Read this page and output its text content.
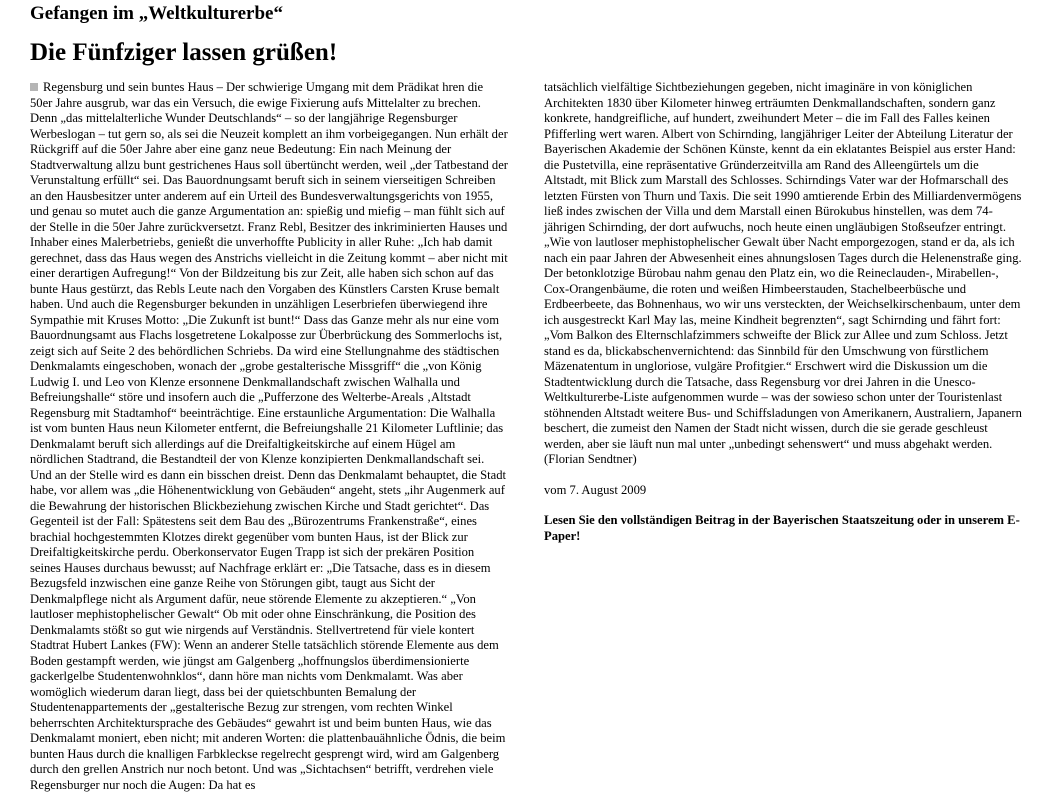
Gefangen im „Weltkulturerbe“
Die Fünfziger lassen grüßen!

Regensburg und sein buntes Haus – Der schwierige Umgang mit dem Prädikat hren die 50er Jahre ausgrub, war das ein Versuch, die ewige Fixierung aufs Mittelalter zu brechen. Denn „das mittelalterliche Wunder Deutschlands“ – so der langjährige Regensburger Werbeslogan – tut gern so, als sei die Neuzeit komplett an ihm vorbeigegangen. Nun erhält der Rückgriff auf die 50er Jahre aber eine ganz neue Bedeutung: Ein nach Meinung der Stadtverwaltung allzu bunt gestrichenes Haus soll übertüncht werden, weil „der Tatbestand der Verunstaltung erfüllt“ sei. Das Bauordnungsamt beruft sich in seinem vierseitigen Schreiben an den Hausbesitzer unter anderem auf ein Urteil des Bundesverwaltungsgerichts von 1955, und genau so mutet auch die ganze Argumentation an: spießig und miefig – man fühlt sich auf der Stelle in die 50er Jahre zurückversetzt. Franz Rebl, Besitzer des inkriminierten Hauses und Inhaber eines Malerbetriebs, genießt die unverhoffte Publicity in aller Ruhe: „Ich hab damit gerechnet, dass das Haus wegen des Anstrichs vielleicht in die Zeitung kommt – aber nicht mit einer derartigen Aufregung!“ Von der Bildzeitung bis zur Zeit, alle haben sich schon auf das bunte Haus gestürzt, das Rebls Leute nach den Vorgaben des Künstlers Carsten Kruse bemalt haben. Und auch die Regensburger bekunden in unzähligen Leserbriefen überwiegend ihre Sympathie mit Kruses Motto: „Die Zukunft ist bunt!“ Dass das Ganze mehr als nur eine vom Bauordnungsamt aus Flachs losgetretene Lokalposse zur Überbrückung des Sommerlochs ist, zeigt sich auf Seite 2 des behördlichen Schriebs. Da wird eine Stellungnahme des städtischen Denkmalamts eingeschoben, wonach der „grobe gestalterische Missgriff“ die „von König Ludwig I. und Leo von Klenze ersonnene Denkmallandschaft zwischen Walhalla und Befreiungshalle“ störe und insofern auch die „Pufferzone des Welterbe-Areals ‚Altstadt Regensburg mit Stadtamhof“ beeinträchtige. Eine erstaunliche Argumentation: Die Walhalla ist vom bunten Haus neun Kilometer entfernt, die Befreiungshalle 21 Kilometer Luftlinie; das Denkmalamt beruft sich allerdings auf die Dreifaltigkeitskirche auf einem Hügel am nördlichen Stadtrand, die Bestandteil der von Klenze konzipierten Denkmallandschaft sei. Und an der Stelle wird es dann ein bisschen dreist. Denn das Denkmalamt behauptet, die Stadt habe, vor allem was „die Höhenentwicklung von Gebäuden“ angeht, stets „ihr Augenmerk auf die Bewahrung der historischen Blickbeziehung zwischen Kirche und Stadt gerichtet“. Das Gegenteil ist der Fall: Spätestens seit dem Bau des „Bürozentrums Frankenstraße“, eines brachial hochgestemmten Klotzes direkt gegenüber vom bunten Haus, ist der Blick zur Dreifaltigkeitskirche perdu. Oberkonservator Eugen Trapp ist sich der prekären Position seines Hauses durchaus bewusst; auf Nachfrage erklärt er: „Die Tatsache, dass es in diesem Bezugsfeld inzwischen eine ganze Reihe von Störungen gibt, taugt aus Sicht der Denkmalpflege nicht als Argument dafür, neue störende Elemente zu akzeptieren.“ „Von lautloser mephistophelischer Gewalt“ Ob mit oder ohne Einschränkung, die Position des Denkmalamts stößt so gut wie nirgends auf Verständnis. Stellvertretend für viele kontert Stadtrat Hubert Lankes (FW): Wenn an anderer Stelle tatsächlich störende Elemente aus dem Boden gestampft werden, wie jüngst am Galgenberg „hoffnungslos überdimensionierte gackerlgelbe Studentenwohnklos“, dann höre man nichts vom Denkmalamt. Was aber womöglich wiederum daran liegt, dass bei der quietschbunten Bemalung der Studentenappartements der „gestalterische Bezug zur strengen, vom rechten Winkel beherrschten Architektursprache des Gebäudes“ gewahrt ist und beim bunten Haus, wie das Denkmalamt moniert, eben nicht; mit anderen Worten: die plattenbauähnliche Ödnis, die beim bunten Haus durch die knalligen Farbkleckse regelrecht gesprengt wird, wird am Galgenberg durch den grellen Anstrich nur noch betont. Und was „Sichtachsen“ betrifft, verdrehen viele Regensburger nur noch die Augen: Da hat es

tatsächlich vielfältige Sichtbeziehungen gegeben, nicht imaginäre in von königlichen Architekten 1830 über Kilometer hinweg erträumten Denkmallandschaften, sondern ganz konkrete, handgreifliche, auf hundert, zweihundert Meter – die im Fall des Falles keinen Pfifferling wert waren. Albert von Schirnding, langjähriger Leiter der Abteilung Literatur der Bayerischen Akademie der Schönen Künste, kennt da ein eklatantes Beispiel aus erster Hand: die Pustetvilla, eine repräsentative Gründerzeitvilla am Rand des Alleengürtels um die Altstadt, mit Blick zum Marstall des Schlosses. Schirndings Vater war der Hofmarschall des letzten Fürsten von Thurn und Taxis. Die seit 1990 amtierende Erbin des Milliardenvermögens ließ indes zwischen der Villa und dem Marstall einen Bürokubus hinstellen, was dem 74-jährigen Schirnding, der dort aufwuchs, noch heute einen ungläubigen Stoßseufzer entringt. „Wie von lautloser mephistophelischer Gewalt über Nacht emporgezogen, stand er da, als ich nach ein paar Jahren der Abwesenheit eines ahnungslosen Tages durch die Helenenstraße ging. Der betonklotzige Bürobau nahm genau den Platz ein, wo die Reineclauden-, Mirabellen-, Cox-Orangenbäume, die roten und weißen Himbeerstauden, Stachelbeerbüsche und Erdbeerbeete, das Bohnenhaus, wo wir uns versteckten, der Weichselkirschenbaum, unter dem ich ausgestreckt Karl May las, meine Kindheit begrenzten“, sagt Schirnding und fährt fort: „Vom Balkon des Elternschlafzimmers schweifte der Blick zur Allee und zum Schloss. Jetzt stand es da, blickabschenvernichtend: das Sinnbild für den Umschwung von fürstlichem Mäzenatentum in ungloriose, vulgäre Profitgier.“ Erschwert wird die Diskussion um die Stadtentwicklung durch die Tatsache, dass Regensburg vor drei Jahren in die Unesco-Weltkulturerbe-Liste aufgenommen wurde – was der sowieso schon unter der Touristenlast stöhnenden Altstadt weitere Bus- und Schiffsladungen von Amerikanern, Australiern, Japanern beschert, die zumeist den Namen der Stadt nicht wissen, durch die sie gerade geschleust werden, aber sie läuft nun mal unter „unbedingt sehenswert“ und muss abgehakt werden. (Florian Sendtner)

vom 7. August 2009

Lesen Sie den vollständigen Beitrag in der Bayerischen Staatszeitung oder in unserem E-Paper!
